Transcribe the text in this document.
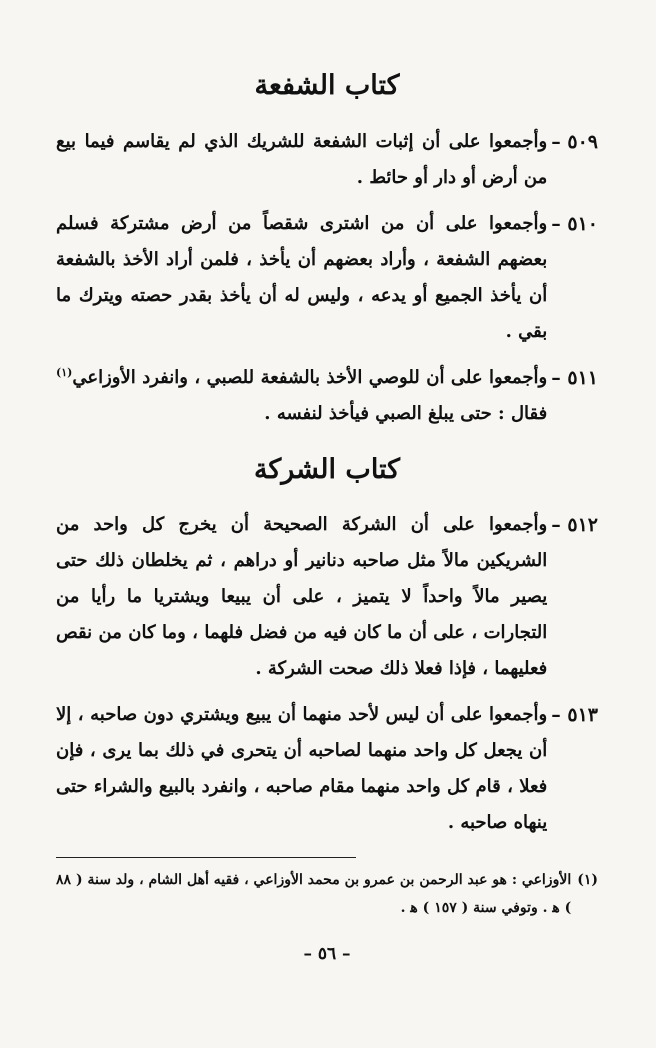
كتاب الشفعة
٥٠٩ –
وأجمعوا على أن إثبات الشفعة للشريك الذي لم يقاسم فيما بيع من أرض أو دار أو حائط .
٥١٠ –
وأجمعوا على أن من اشترى شقصاً من أرض مشتركة فسلم بعضهم الشفعة ، وأراد بعضهم أن يأخذ ، فلمن أراد الأخذ بالشفعة أن يأخذ الجميع أو يدعه ، وليس له أن يأخذ بقدر حصته ويترك ما بقي .
٥١١ –
وأجمعوا على أن للوصي الأخذ بالشفعة للصبي ، وانفرد الأوزاعي$^{(١)}$ فقال : حتى يبلغ الصبي فيأخذ لنفسه .
كتاب الشركة
٥١٢ –
وأجمعوا على أن الشركة الصحيحة أن يخرج كل واحد من الشريكين مالاً مثل صاحبه دنانير أو دراهم ، ثم يخلطان ذلك حتى يصير مالاً واحداً لا يتميز ، على أن يبيعا ويشتريا ما رأيا من التجارات ، على أن ما كان فيه من فضل فلهما ، وما كان من نقص فعليهما ، فإذا فعلا ذلك صحت الشركة .
٥١٣ –
وأجمعوا على أن ليس لأحد منهما أن يبيع ويشتري دون صاحبه ، إلا أن يجعل كل واحد منهما لصاحبه أن يتحرى في ذلك بما يرى ، فإن فعلا ، قام كل واحد منهما مقام صاحبه ، وانفرد بالبيع والشراء حتى ينهاه صاحبه .
(١)
الأوزاعي : هو عبد الرحمن بن عمرو بن محمد الأوزاعي ، فقيه أهل الشام ، ولد سنة ( ٨٨ ) ﻫ . وتوفي سنة ( ١٥٧ ) ﻫ .
– ٥٦ –
